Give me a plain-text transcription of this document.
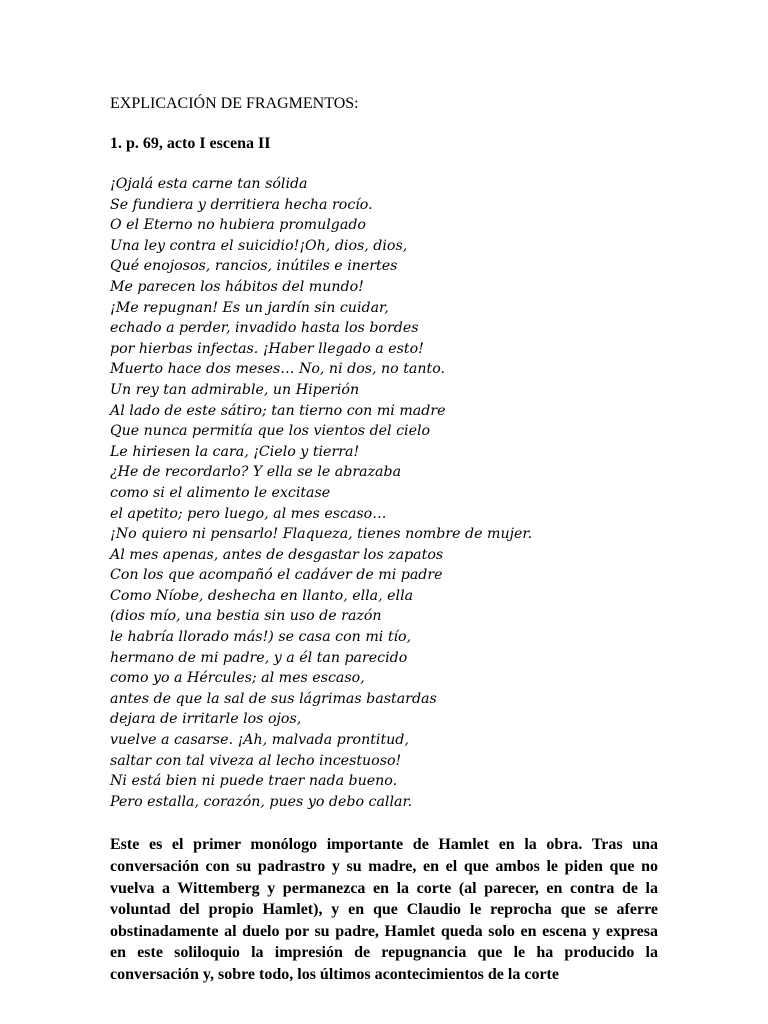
EXPLICACIÓN DE FRAGMENTOS:

1. p. 69, acto I escena II

¡Ojalá esta carne tan sólida
Se fundiera y derritiera hecha rocío.
O el Eterno no hubiera promulgado
Una ley contra el suicidio!¡Oh, dios, dios,
Qué enojosos, rancios, inútiles e inertes
Me parecen los hábitos del mundo!
¡Me repugnan! Es un jardín sin cuidar,
echado a perder, invadido hasta los bordes
por hierbas infectas. ¡Haber llegado a esto!
Muerto hace dos meses… No, ni dos, no tanto.
Un rey tan admirable, un Hiperión
Al lado de este sátiro; tan tierno con mi madre
Que nunca permitía que los vientos del cielo
Le hiriesen la cara, ¡Cielo y tierra!
¿He de recordarlo? Y ella se le abrazaba
como si el alimento le excitase
el apetito; pero luego, al mes escaso…
¡No quiero ni pensarlo! Flaqueza, tienes nombre de mujer.
Al mes apenas, antes de desgastar los zapatos
Con los que acompañó el cadáver de mi padre
Como Níobe, deshecha en llanto, ella, ella
(dios mío, una bestia sin uso de razón
le habría llorado más!) se casa con mi tío,
hermano de mi padre, y a él tan parecido
como yo a Hércules; al mes escaso,
antes de que la sal de sus lágrimas bastardas
dejara de irritarle los ojos,
vuelve a casarse. ¡Ah, malvada prontitud,
saltar con tal viveza al lecho incestuoso!
Ni está bien ni puede traer nada bueno.
Pero estalla, corazón, pues yo debo callar.

Este es el primer monólogo importante de Hamlet en la obra. Tras una conversación con su padrastro y su madre, en el que ambos le piden que no vuelva a Wittemberg y permanezca en la corte (al parecer, en contra de la voluntad del propio Hamlet), y en que Claudio le reprocha que se aferre obstinadamente al duelo por su padre, Hamlet queda solo en escena y expresa en este soliloquio la impresión de repugnancia que le ha producido la conversación y, sobre todo, los últimos acontecimientos de la corte
